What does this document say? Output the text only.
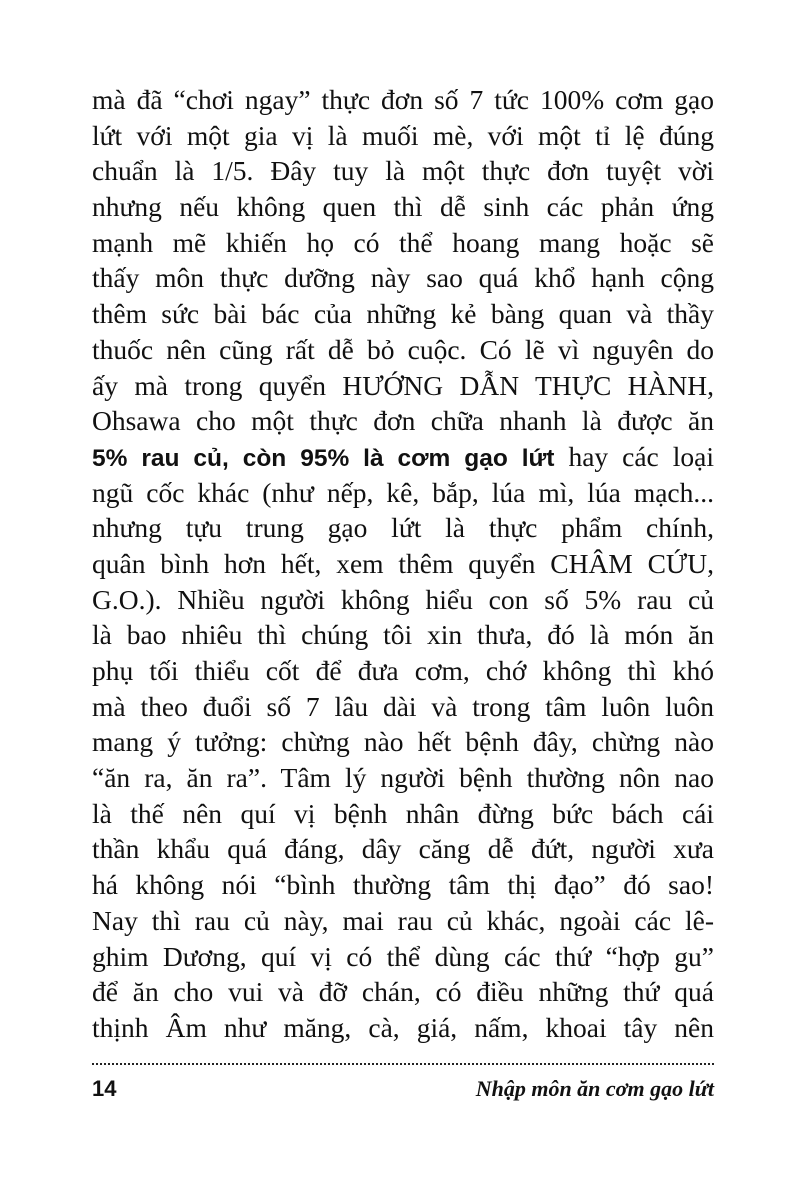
mà đã “chơi ngay” thực đơn số 7 tức 100% cơm gạo
lứt với một gia vị là muối mè, với một tỉ lệ đúng
chuẩn là 1/5. Đây tuy là một thực đơn tuyệt vời
nhưng nếu không quen thì dễ sinh các phản ứng
mạnh mẽ khiến họ có thể hoang mang hoặc sẽ
thấy môn thực dưỡng này sao quá khổ hạnh cộng
thêm sức bài bác của những kẻ bàng quan và thầy
thuốc nên cũng rất dễ bỏ cuộc. Có lẽ vì nguyên do
ấy mà trong quyển HƯỚNG DẪN THỰC HÀNH,
Ohsawa cho một thực đơn chữa nhanh là được ăn
5% rau củ, còn 95% là cơm gạo lứt hay các loại
ngũ cốc khác (như nếp, kê, bắp, lúa mì, lúa mạch...
nhưng tựu trung gạo lứt là thực phẩm chính,
quân bình hơn hết, xem thêm quyển CHÂM CỨU,
G.O.). Nhiều người không hiểu con số 5% rau củ
là bao nhiêu thì chúng tôi xin thưa, đó là món ăn
phụ tối thiểu cốt để đưa cơm, chớ không thì khó
mà theo đuổi số 7 lâu dài và trong tâm luôn luôn
mang ý tưởng: chừng nào hết bệnh đây, chừng nào
“ăn ra, ăn ra”. Tâm lý người bệnh thường nôn nao
là thế nên quí vị bệnh nhân đừng bức bách cái
thần khẩu quá đáng, dây căng dễ đứt, người xưa
há không nói “bình thường tâm thị đạo” đó sao!
Nay thì rau củ này, mai rau củ khác, ngoài các lê-
ghim Dương, quí vị có thể dùng các thứ “hợp gu”
để ăn cho vui và đỡ chán, có điều những thứ quá
thịnh Âm như măng, cà, giá, nấm, khoai tây nên
14	Nhập môn ăn cơm gạo lứt
